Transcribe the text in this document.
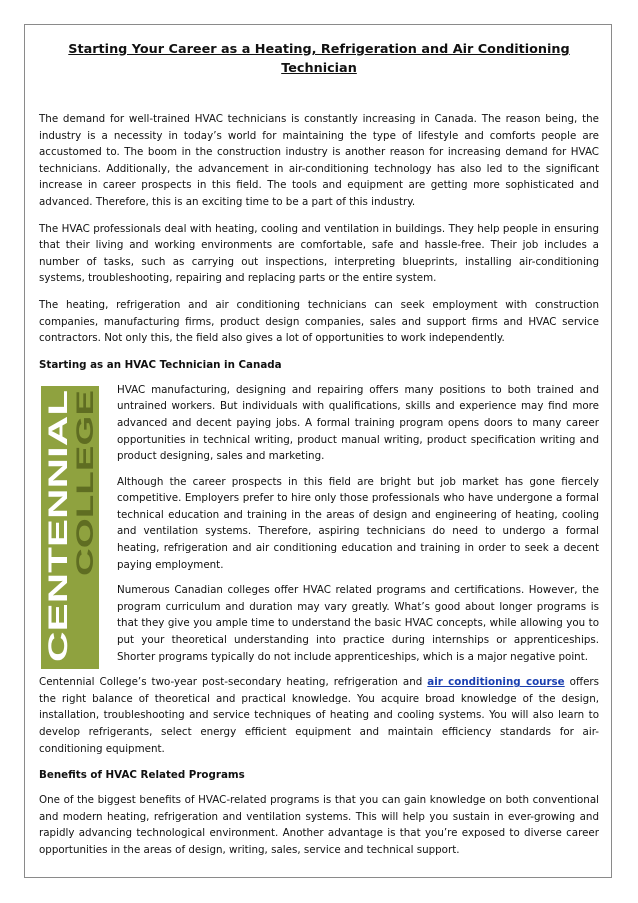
Starting Your Career as a Heating, Refrigeration and Air Conditioning
Technician

The demand for well-trained HVAC technicians is constantly increasing in Canada. The reason being, the industry is a necessity in today’s world for maintaining the type of lifestyle and comforts people are accustomed to. The boom in the construction industry is another reason for increasing demand for HVAC technicians. Additionally, the advancement in air-conditioning technology has also led to the significant increase in career prospects in this field. The tools and equipment are getting more sophisticated and advanced. Therefore, this is an exciting time to be a part of this industry.

The HVAC professionals deal with heating, cooling and ventilation in buildings. They help people in ensuring that their living and working environments are comfortable, safe and hassle-free. Their job includes a number of tasks, such as carrying out inspections, interpreting blueprints, installing air-conditioning systems, troubleshooting, repairing and replacing parts or the entire system.

The heating, refrigeration and air conditioning technicians can seek employment with construction companies, manufacturing firms, product design companies, sales and support firms and HVAC service contractors. Not only this, the field also gives a lot of opportunities to work independently.

Starting as an HVAC Technician in Canada
CENTENNIAL COLLEGE

HVAC manufacturing, designing and repairing offers many positions to both trained and untrained workers. But individuals with qualifications, skills and experience may find more advanced and decent paying jobs. A formal training program opens doors to many career opportunities in technical writing, product manual writing, product specification writing and product designing, sales and marketing.

Although the career prospects in this field are bright but job market has gone fiercely competitive. Employers prefer to hire only those professionals who have undergone a formal technical education and training in the areas of design and engineering of heating, cooling and ventilation systems. Therefore, aspiring technicians do need to undergo a formal heating, refrigeration and air conditioning education and training in order to seek a decent paying employment.

Numerous Canadian colleges offer HVAC related programs and certifications. However, the program curriculum and duration may vary greatly. What’s good about longer programs is that they give you ample time to understand the basic HVAC concepts, while allowing you to put your theoretical understanding into practice during internships or apprenticeships. Shorter programs typically do not include apprenticeships, which is a major negative point.

Centennial College’s two-year post-secondary heating, refrigeration and air conditioning course offers the right balance of theoretical and practical knowledge. You acquire broad knowledge of the design, installation, troubleshooting and service techniques of heating and cooling systems. You will also learn to develop refrigerants, select energy efficient equipment and maintain efficiency standards for air-conditioning equipment.

Benefits of HVAC Related Programs

One of the biggest benefits of HVAC-related programs is that you can gain knowledge on both conventional and modern heating, refrigeration and ventilation systems. This will help you sustain in ever-growing and rapidly advancing technological environment. Another advantage is that you’re exposed to diverse career opportunities in the areas of design, writing, sales, service and technical support.
